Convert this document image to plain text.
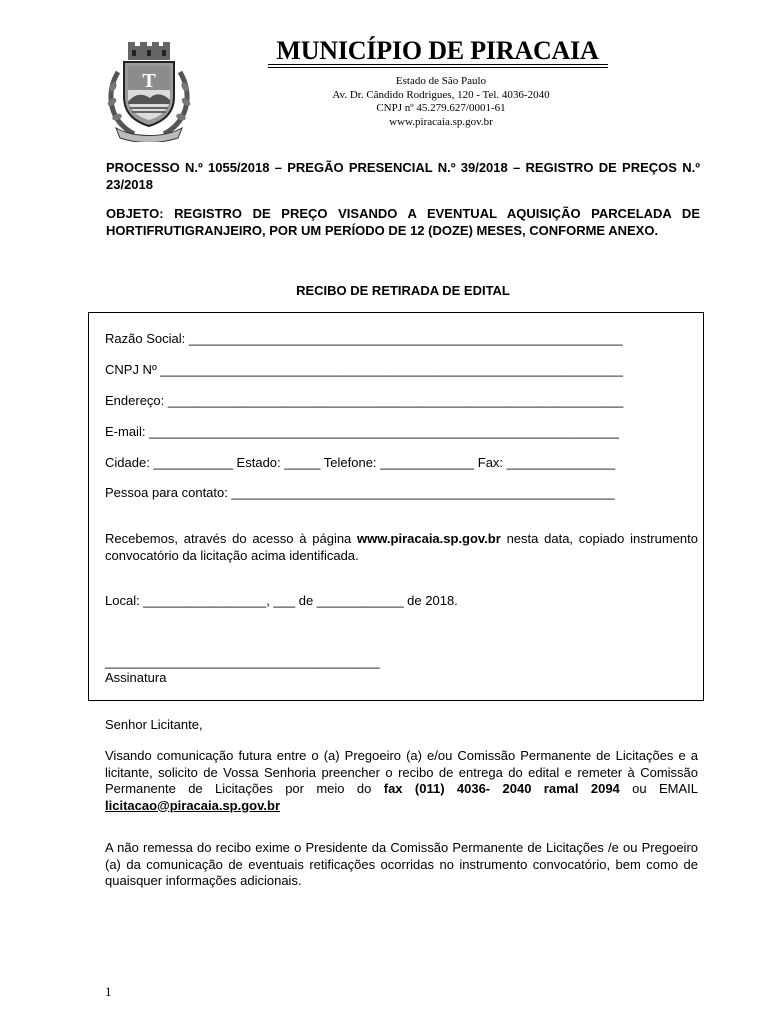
T
MUNICÍPIO DE PIRACAIA
Estado de São Paulo
Av. Dr. Cândido Rodrigues, 120 - Tel. 4036-2040
CNPJ nº 45.279.627/0001-61
www.piracaia.sp.gov.br
PROCESSO N.º 1055/2018 – PREGÃO PRESENCIAL N.º 39/2018 – REGISTRO DE PREÇOS N.º 23/2018
OBJETO: REGISTRO DE PREÇO VISANDO A EVENTUAL AQUISIÇÃO PARCELADA DE HORTIFRUTIGRANJEIRO, POR UM PERÍODO DE 12 (DOZE) MESES, CONFORME ANEXO.
RECIBO DE RETIRADA DE EDITAL
Razão Social: ____________________________________________________________
CNPJ Nº ________________________________________________________________
Endereço: _______________________________________________________________
E-mail: _________________________________________________________________
Cidade: ___________ Estado: _____ Telefone: _____________ Fax: _______________
Pessoa para contato: _____________________________________________________
Recebemos, através do acesso à página www.piracaia.sp.gov.br nesta data, copiado instrumento convocatório da licitação acima identificada.
Local: _________________, ___ de ____________ de 2018.
______________________________________
Assinatura
Senhor Licitante,
Visando comunicação futura entre o (a) Pregoeiro (a) e/ou Comissão Permanente de Licitações e a licitante, solicito de Vossa Senhoria preencher o recibo de entrega do edital e remeter à Comissão Permanente de Licitações por meio do fax (011) 4036- 2040 ramal 2094 ou EMAIL licitacao@piracaia.sp.gov.br
A não remessa do recibo exime o Presidente da Comissão Permanente de Licitações /e ou Pregoeiro (a) da comunicação de eventuais retificações ocorridas no instrumento convocatório, bem como de quaisquer informações adicionais.
1
